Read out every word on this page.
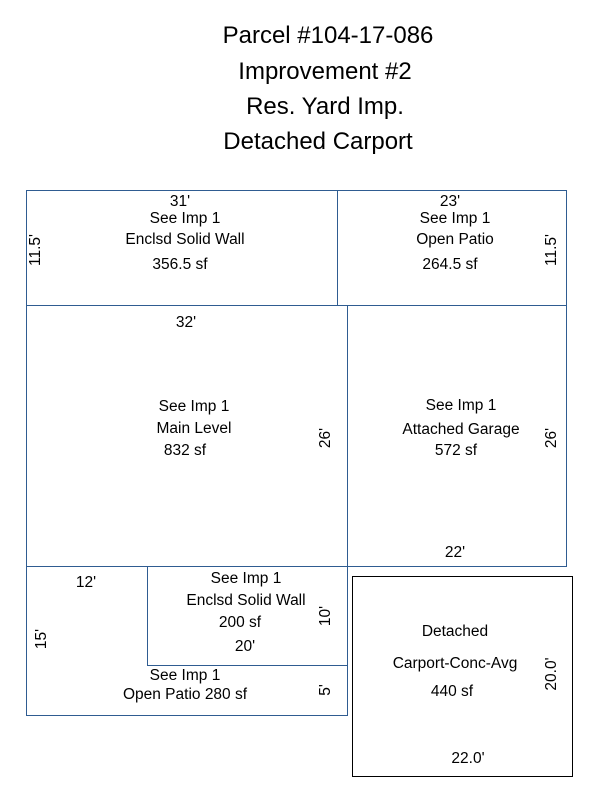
Parcel #104-17-086
Improvement #2
Res. Yard Imp.
Detached Carport
31'
See Imp 1
Enclsd Solid Wall
356.5 sf
11.5'
23'
See Imp 1
Open Patio
264.5 sf	11.5'
32'
See Imp 1
Main Level
832 sf
26'
See Imp 1
Attached Garage
572 sf
22'
26'
12'
15'
See Imp 1
Open Patio 280 sf	5'
See Imp 1
Enclsd Solid Wall
200 sf
20'
10'
Detached
Carport-Conc-Avg
440 sf
22.0'
20.0'
